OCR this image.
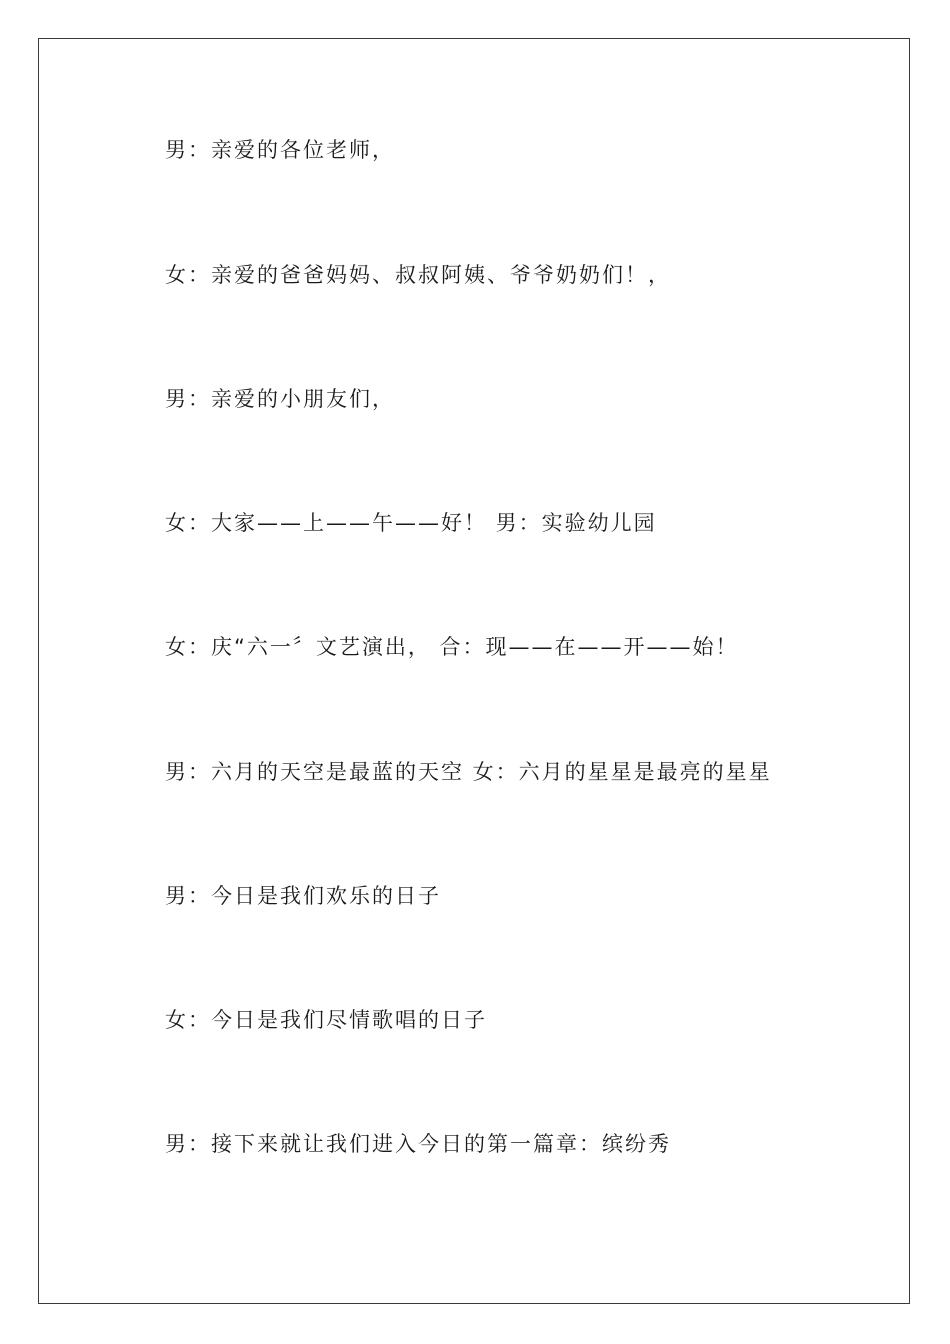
男：亲爱的各位老师，

女：亲爱的爸爸妈妈、叔叔阿姨、爷爷奶奶们！，

男：亲爱的小朋友们，

女：大家——上——午——好！ 男：实验幼儿园

女：庆“六一〞文艺演出， 合：现——在——开——始！

男：六月的天空是最蓝的天空 女：六月的星星是最亮的星星

男：今日是我们欢乐的日子

女：今日是我们尽情歌唱的日子

男：接下来就让我们进入今日的第一篇章：缤纷秀
